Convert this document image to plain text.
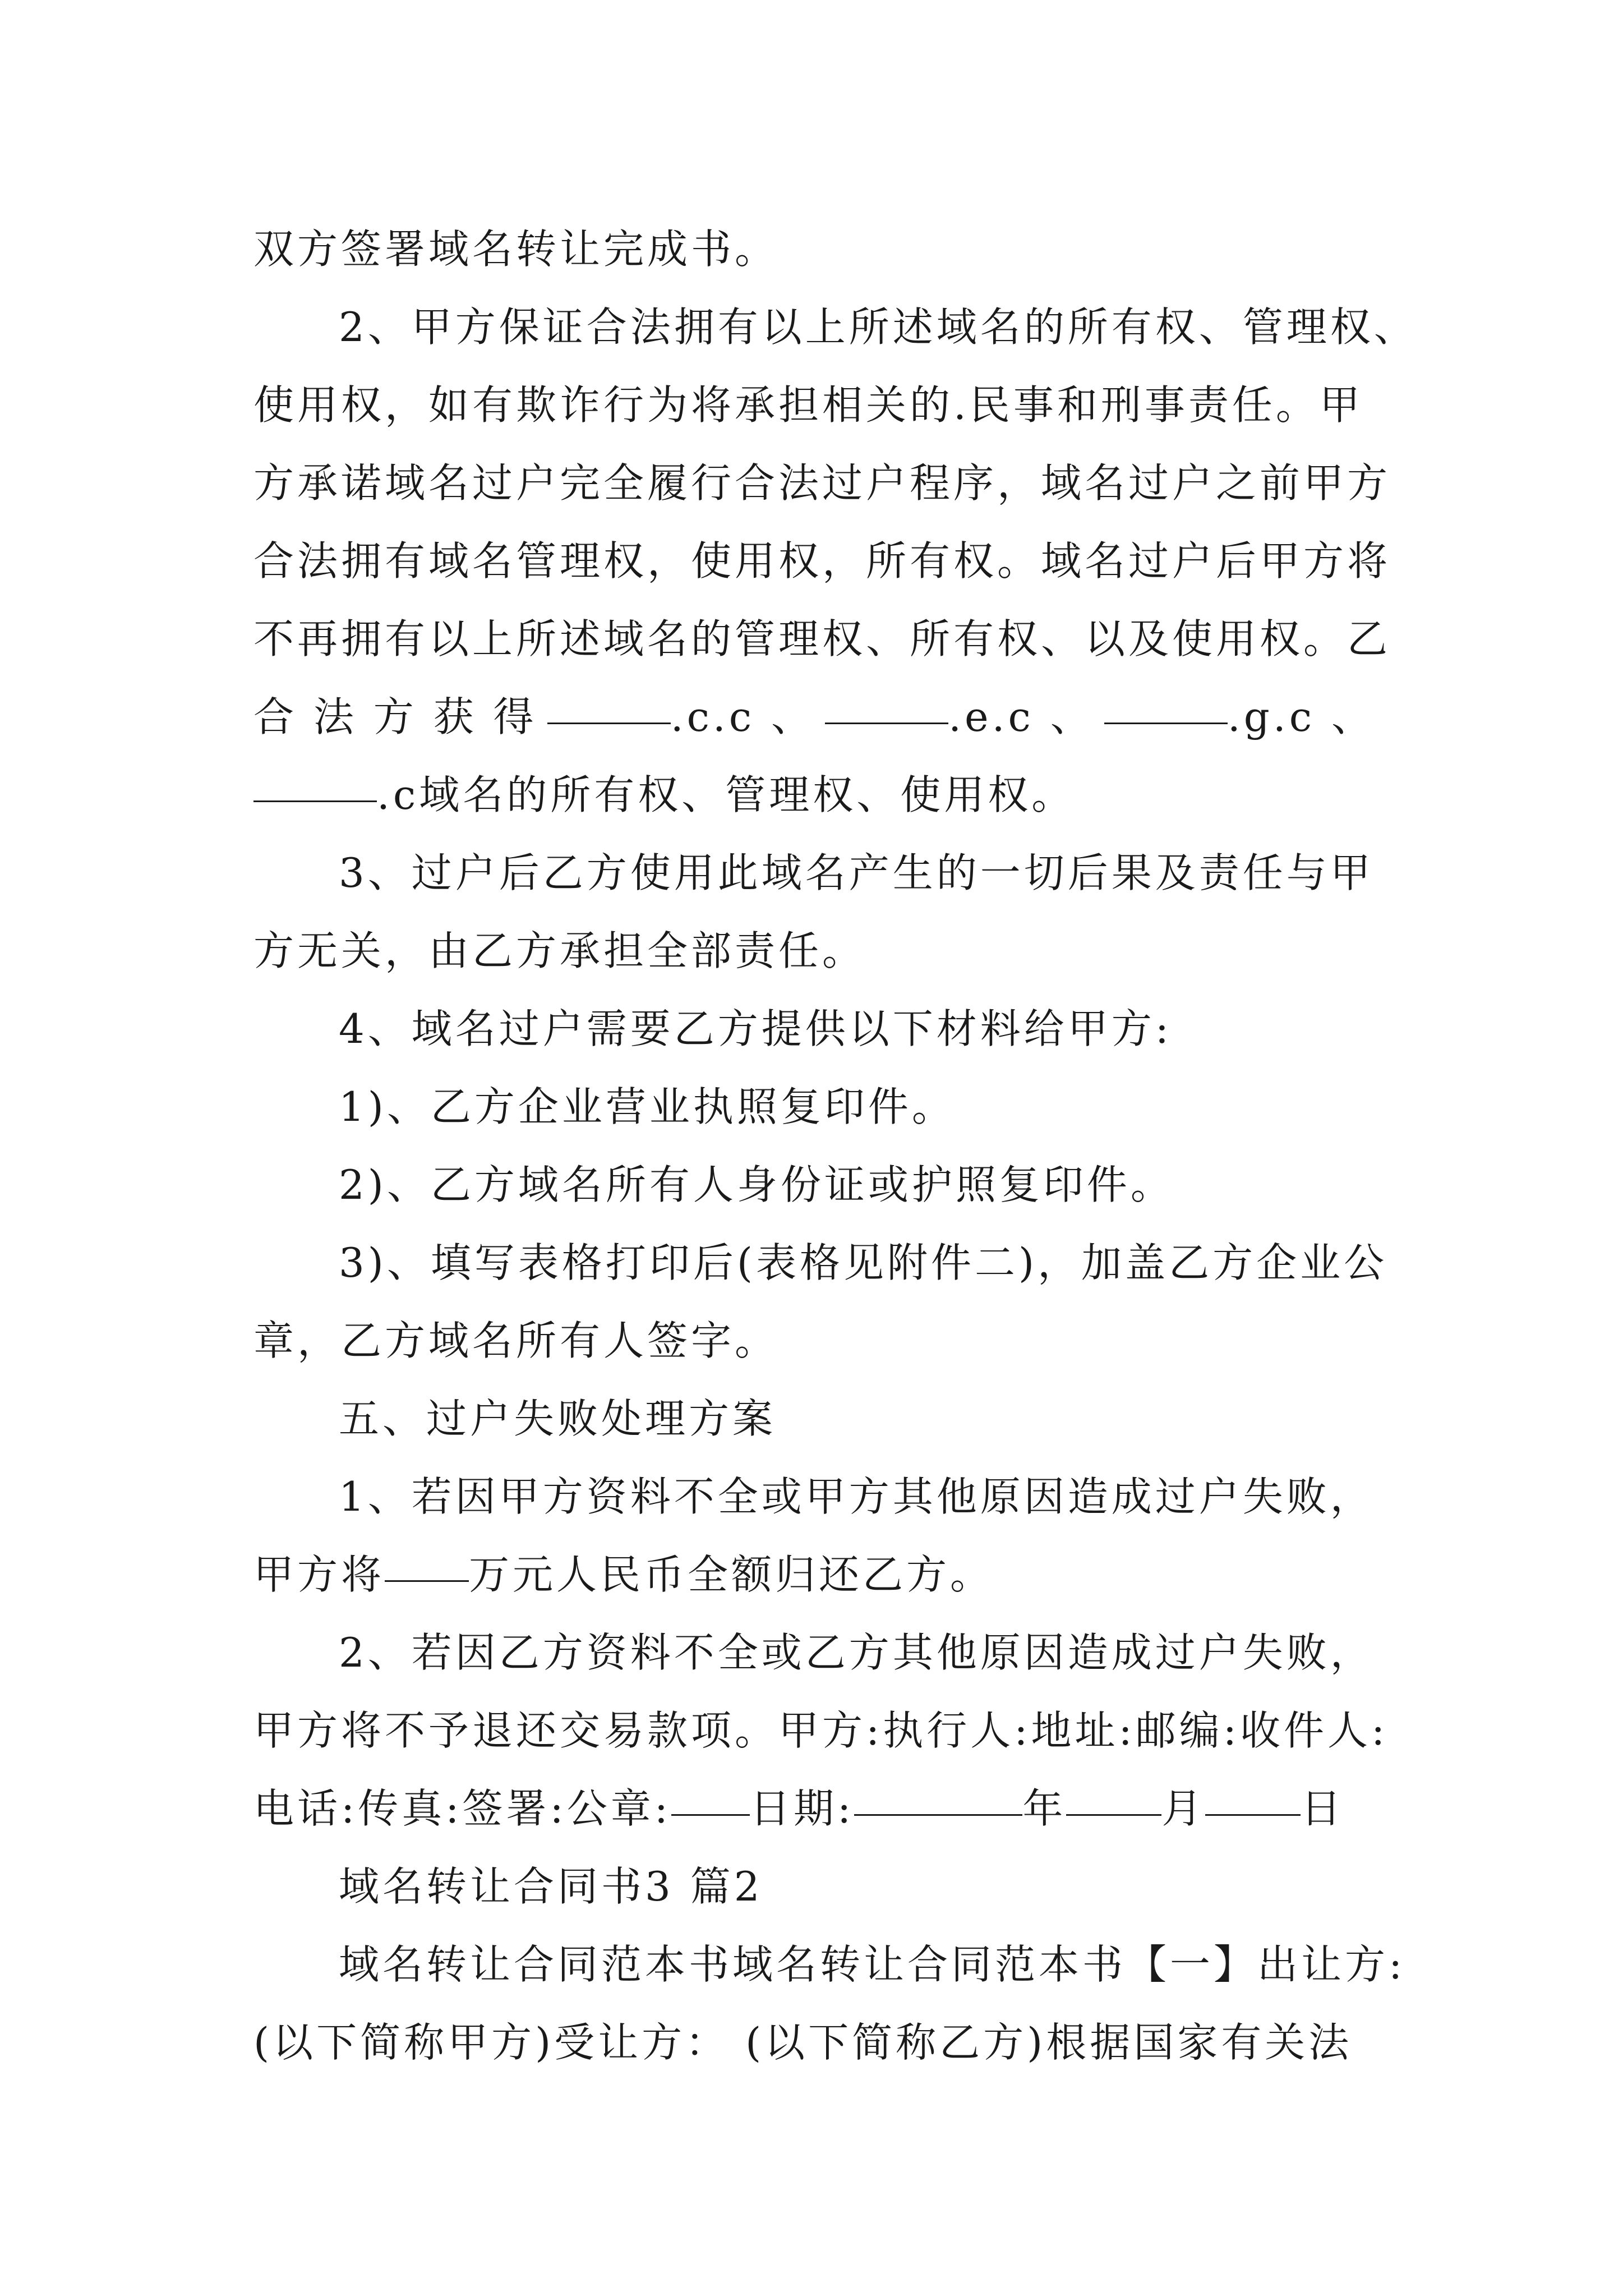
双方签署域名转让完成书。
2、甲方保证合法拥有以上所述域名的所有权、管理权、
使用权，如有欺诈行为将承担相关的.民事和刑事责任。甲
方承诺域名过户完全履行合法过户程序，域名过户之前甲方
合法拥有域名管理权，使用权，所有权。域名过户后甲方将
不再拥有以上所述域名的管理权、所有权、以及使用权。乙
合 法 方 获 得	.c.c 、	.e.c 、	.g.c 、
.c域名的所有权、管理权、使用权。
3、过户后乙方使用此域名产生的一切后果及责任与甲
方无关，由乙方承担全部责任。
4、域名过户需要乙方提供以下材料给甲方:
1)、乙方企业营业执照复印件。
2)、乙方域名所有人身份证或护照复印件。
3)、填写表格打印后(表格见附件二)，加盖乙方企业公
章，乙方域名所有人签字。
五、过户失败处理方案
1、若因甲方资料不全或甲方其他原因造成过户失败，
甲方将 万元人民币全额归还乙方。
2、若因乙方资料不全或乙方其他原因造成过户失败，
甲方将不予退还交易款项。甲方:执行人:地址:邮编:收件人:
电话:传真:签署:公章: 日期:	年 月 日
域名转让合同书3 篇2
域名转让合同范本书域名转让合同范本书【一】出让方:
(以下简称甲方)受让方： (以下简称乙方)根据国家有关法
